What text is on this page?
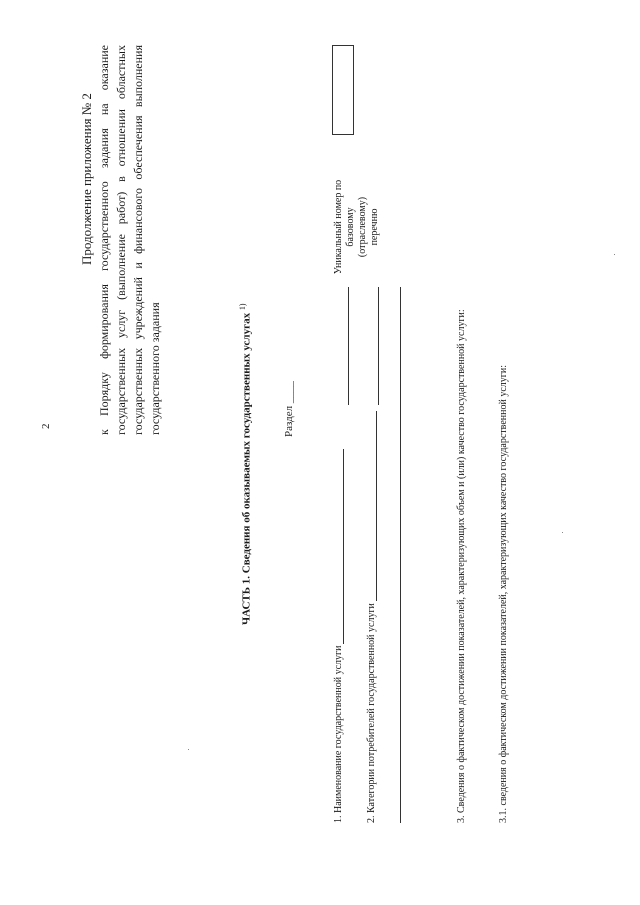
2
Продолжение приложения № 2 к Порядку формирования государственного задания на оказание государственных услуг (выполнение работ) в отношении областных государственных учреждений и финансового обеспечения выполнения государственного задания	ЧАСТЬ 1. Сведения об оказываемых государственных услугах $^{1)}$
Раздел ____
1. Наименование государственной услуги 2. Категории потребителей государственной услуги
Уникальный номер по базовому (отраслевому) перечню
3. Сведения о фактическом достижении показателей, характеризующих объем и (или) качество государственной услуги:	3.1. сведения о фактическом достижении показателей, характеризующих качество государственной услуги:
